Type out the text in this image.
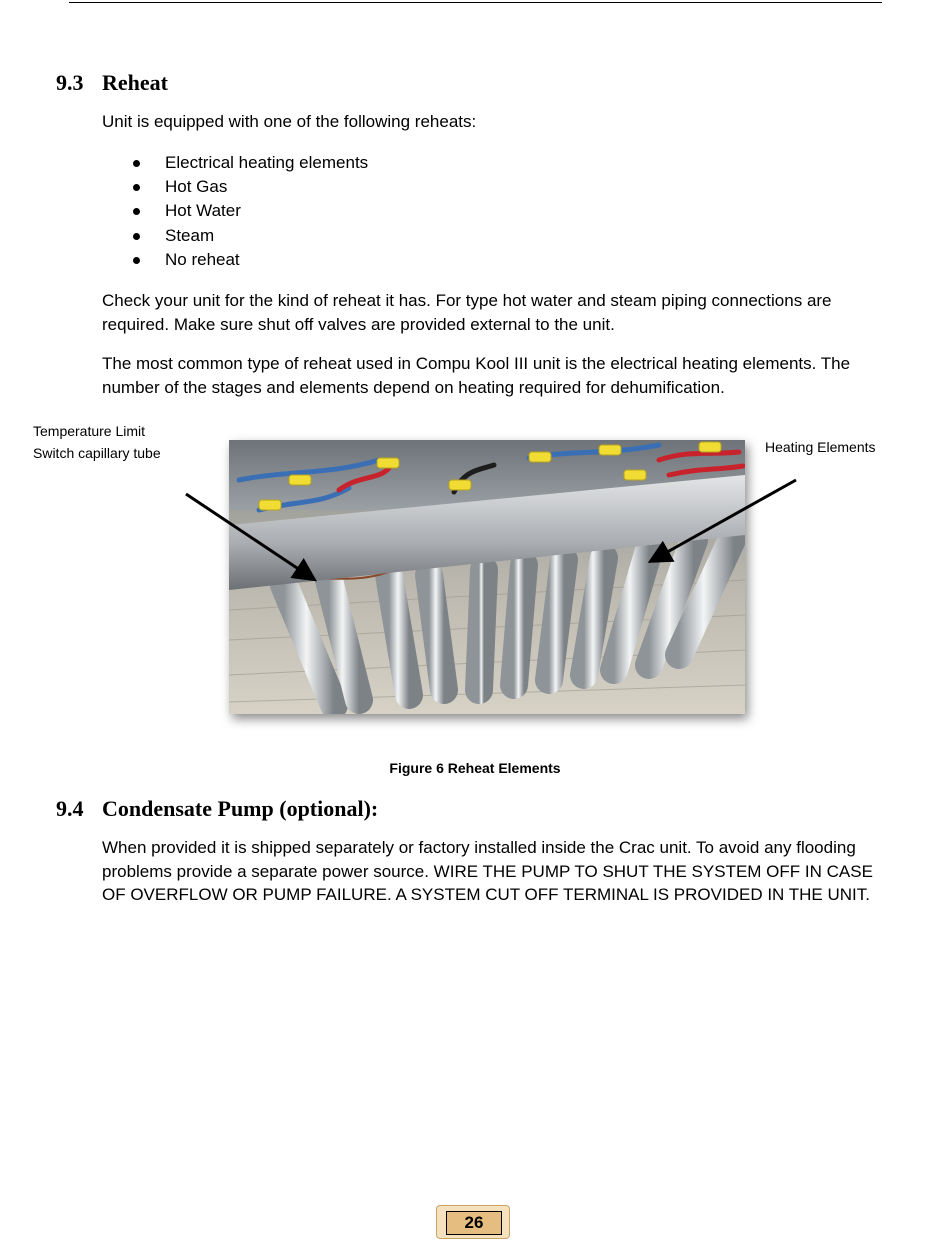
9.3 Reheat
Unit is equipped with one of the following reheats:
Electrical heating elements
Hot Gas
Hot Water
Steam
No reheat
Check your unit for the kind of reheat it has. For type hot water and steam piping connections are required. Make sure shut off valves are provided external to the unit.
The most common type of reheat used in Compu Kool III unit is the electrical heating elements. The number of the stages and elements depend on heating required for dehumification.
Temperature Limit
Switch capillary tube	Heating Elements
Figure 6 Reheat Elements
9.4 Condensate Pump (optional):
When provided it is shipped separately or factory installed inside the Crac unit. To avoid any flooding problems provide a separate power source. WIRE THE PUMP TO SHUT THE SYSTEM OFF IN CASE OF OVERFLOW OR PUMP FAILURE. A SYSTEM CUT OFF TERMINAL IS PROVIDED IN THE UNIT.
26
